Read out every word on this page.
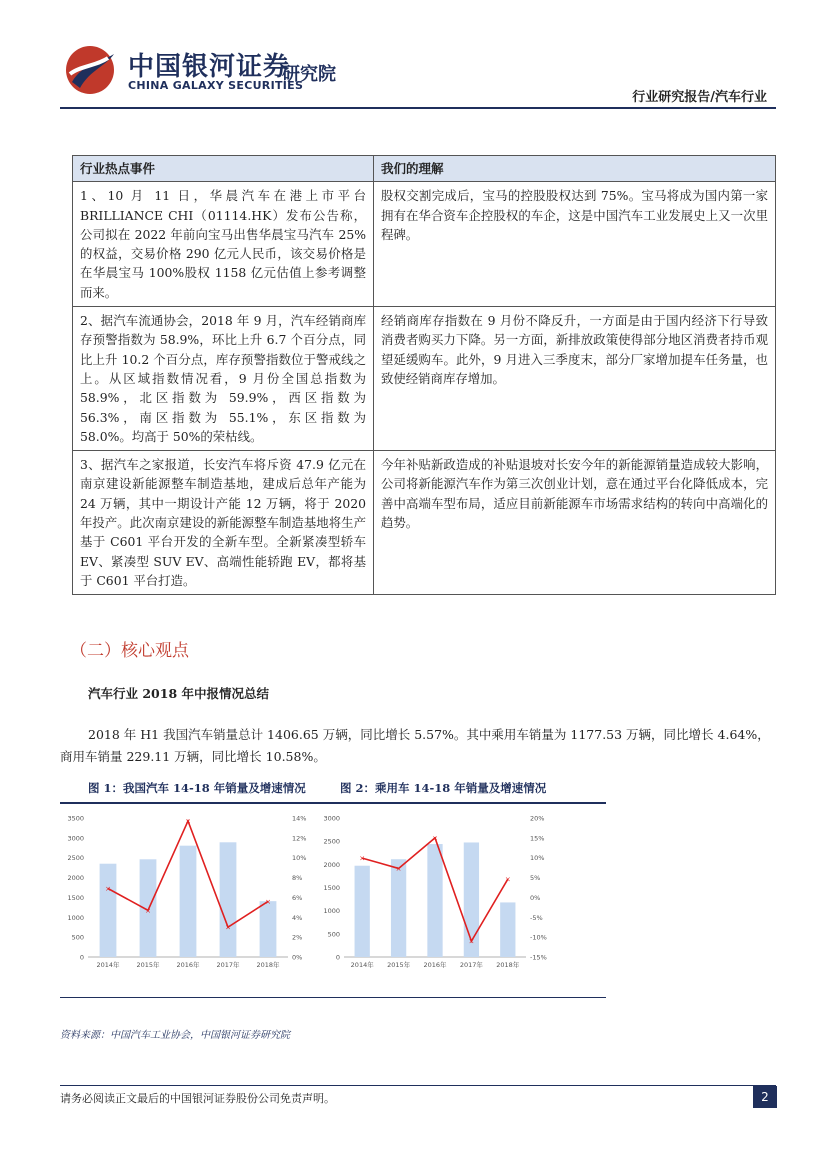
中国银河证券
CHINA GALAXY SECURITIES
研究院
行业研究报告/汽车行业
行业热点事件	我们的理解
1、10 月 11 日，华晨汽车在港上市平台 BRILLIANCE CHI（01114.HK）发布公告称，公司拟在 2022 年前向宝马出售华晨宝马汽车 25%的权益，交易价格 290 亿元人民币，该交易价格是在华晨宝马 100%股权 1158 亿元估值上参考调整而来。	股权交割完成后，宝马的控股股权达到 75%。宝马将成为国内第一家拥有在华合资车企控股权的车企，这是中国汽车工业发展史上又一次里程碑。
2、据汽车流通协会，2018 年 9 月，汽车经销商库存预警指数为 58.9%，环比上升 6.7 个百分点，同比上升 10.2 个百分点，库存预警指数位于警戒线之上。从区域指数情况看，9 月份全国总指数为 58.9%，北区指数为 59.9%，西区指数为 56.3%，南区指数为 55.1%，东区指数为 58.0%。均高于 50%的荣枯线。	经销商库存指数在 9 月份不降反升，一方面是由于国内经济下行导致消费者购买力下降。另一方面，新排放政策使得部分地区消费者持币观望延缓购车。此外，9 月进入三季度末，部分厂家增加提车任务量，也致使经销商库存增加。
3、据汽车之家报道，长安汽车将斥资 47.9 亿元在南京建设新能源整车制造基地，建成后总年产能为 24 万辆，其中一期设计产能 12 万辆，将于 2020 年投产。此次南京建设的新能源整车制造基地将生产基于 C601 平台开发的全新车型。全新紧凑型轿车 EV、紧凑型 SUV EV、高端性能轿跑 EV，都将基于 C601 平台打造。	今年补贴新政造成的补贴退坡对长安今年的新能源销量造成较大影响，公司将新能源汽车作为第三次创业计划，意在通过平台化降低成本，完善中高端车型布局，适应目前新能源车市场需求结构的转向中高端化的趋势。
（二）核心观点
汽车行业 2018 年中报情况总结
2018 年 H1 我国汽车销量总计 1406.65 万辆，同比增长 5.57%。其中乘用车销量为 1177.53 万辆，同比增长 4.64%，商用车销量 229.11 万辆，同比增长 10.58%。
图 1：我国汽车 14-18 年销量及增速情况	图 2：乘用车 14-18 年销量及增速情况
0
500
1000
1500
2000
2500
3000
3500
0%
2%
4%
6%
8%
10%
12%
14%
2014年	2015年	2016年	2017年	2018年
×
×
×
×
×
0
500
1000
1500
2000
2500
3000
-15%
-10%
-5%
0%
5%
10%
15%
20%
2014年 2015年 2016年 2017年 2018年
×
×
×
×
×
资料来源：中国汽车工业协会，中国银河证券研究院
请务必阅读正文最后的中国银河证券股份公司免责声明。	2
